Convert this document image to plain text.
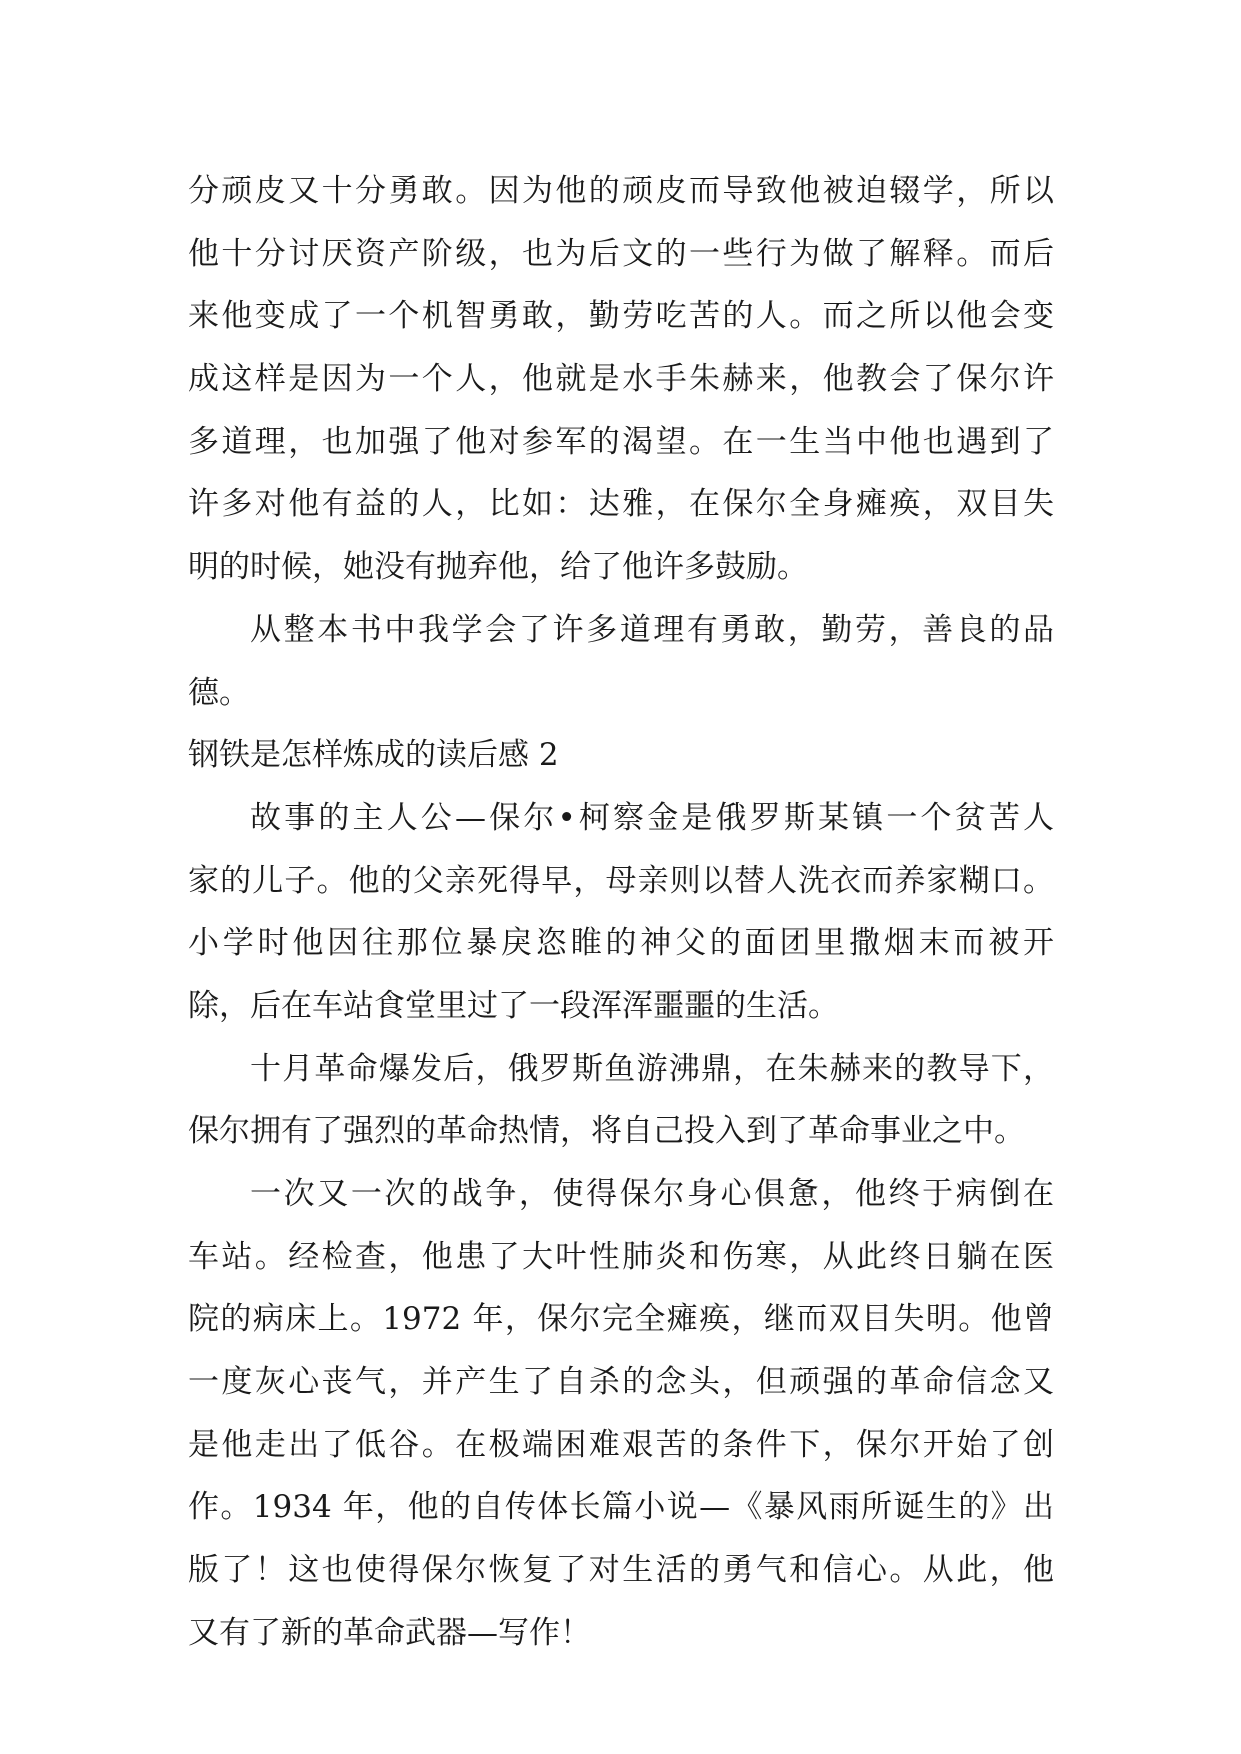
分顽皮又十分勇敢。因为他的顽皮而导致他被迫辍学，所以
他十分讨厌资产阶级，也为后文的一些行为做了解释。而后
来他变成了一个机智勇敢，勤劳吃苦的人。而之所以他会变
成这样是因为一个人，他就是水手朱赫来，他教会了保尔许
多道理，也加强了他对参军的渴望。在一生当中他也遇到了
许多对他有益的人，比如：达雅，在保尔全身瘫痪，双目失
明的时候，她没有抛弃他，给了他许多鼓励。
从整本书中我学会了许多道理有勇敢，勤劳，善良的品
德。
钢铁是怎样炼成的读后感 2
故事的主人公—保尔•柯察金是俄罗斯某镇一个贫苦人
家的儿子。他的父亲死得早，母亲则以替人洗衣而养家糊口。
小学时他因往那位暴戾恣睢的神父的面团里撒烟末而被开
除，后在车站食堂里过了一段浑浑噩噩的生活。
十月革命爆发后，俄罗斯鱼游沸鼎，在朱赫来的教导下，
保尔拥有了强烈的革命热情，将自己投入到了革命事业之中。
一次又一次的战争，使得保尔身心俱惫，他终于病倒在
车站。经检查，他患了大叶性肺炎和伤寒，从此终日躺在医
院的病床上。1972 年，保尔完全瘫痪，继而双目失明。他曾
一度灰心丧气，并产生了自杀的念头，但顽强的革命信念又
是他走出了低谷。在极端困难艰苦的条件下，保尔开始了创
作。1934 年，他的自传体长篇小说—《暴风雨所诞生的》出
版了！这也使得保尔恢复了对生活的勇气和信心。从此，他
又有了新的革命武器—写作！
